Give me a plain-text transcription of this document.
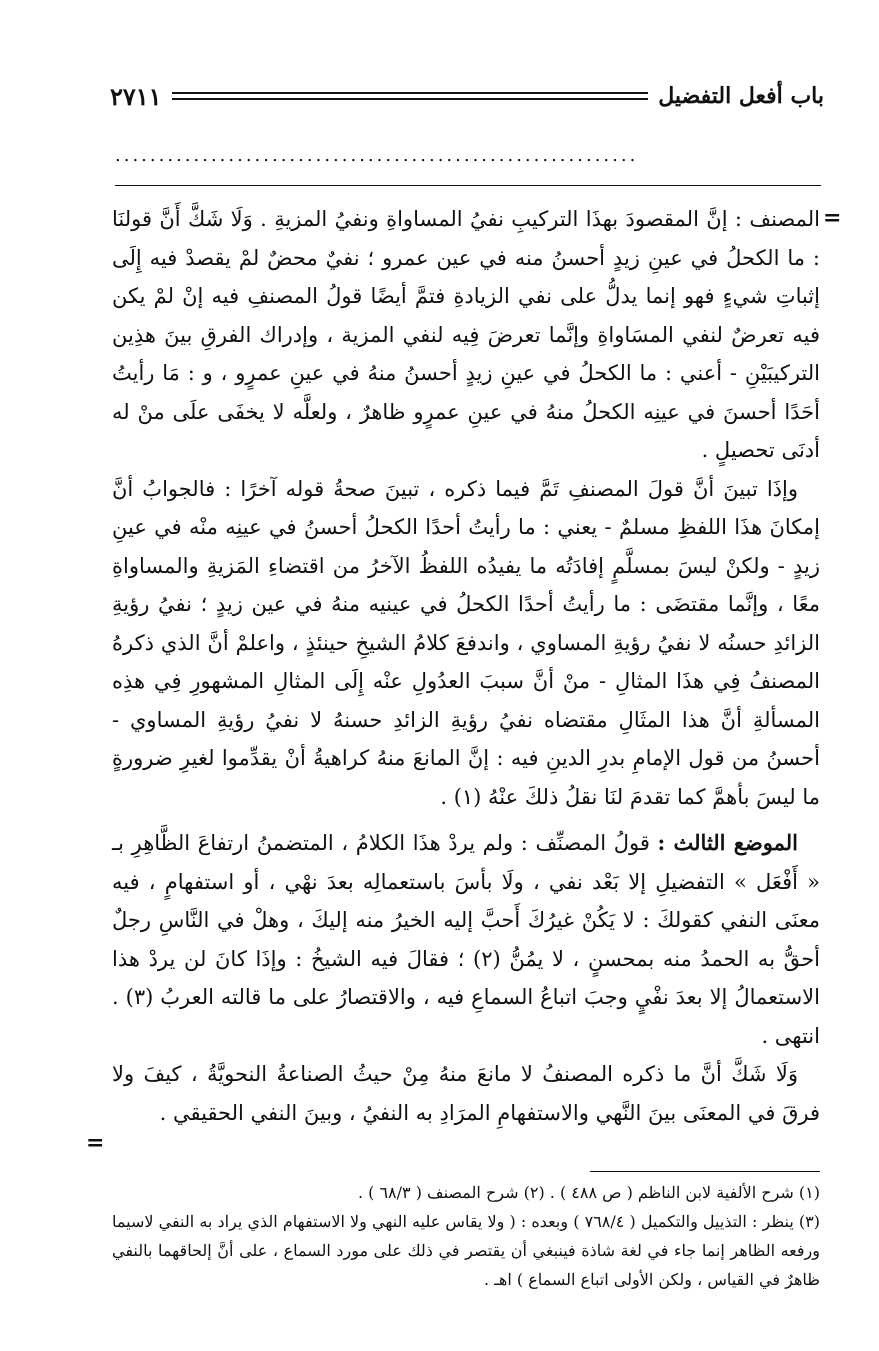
باب أفعل التفضيل
٢٧١١
............................................................
=
=

المصنف : إنَّ المقصودَ بهذَا التركيبِ نفيُ المساواةِ ونفيُ المزيةِ . وَلَا شَكَّ أَنَّ قولنَا : ما الكحلُ في عينِ زيدٍ أحسنُ منه في عين عمرو ؛ نفيٌ محضٌ لمْ يقصدْ فيه إِلَى إثباتِ شيءٍ فهو إنما يدلُّ على نفي الزيادةِ فتمَّ أيضًا قولُ المصنفِ فيه إنْ لمْ يكن فيه تعرضٌ لنفي المسَاواةِ وإنَّما تعرضَ فِيه لنفي المزية ، وإدراك الفرقِ بينَ هذِين التركيبَيْنِ - أعني : ما الكحلُ في عينِ زيدٍ أحسنُ منهُ في عينِ عمرٍو ، و : مَا رأيتُ أحَدًا أحسنَ في عينِه الكحلُ منهُ في عينِ عمرٍو ظاهرٌ ، ولعلَّه لا يخفَى علَى منْ له أدنَى تحصيلٍ .

وإذَا تبينَ أنَّ قولَ المصنفِ تَمَّ فيما ذكره ، تبينَ صحةُ قوله آخرًا : فالجوابُ أنَّ إمكانَ هذَا اللفظِ مسلمٌ - يعني : ما رأيتُ أحدًا الكحلُ أحسنُ في عينِه منْه في عينِ زيدٍ - ولكنْ ليسَ بمسلَّمٍ إفادَتُه ما يفيدُه اللفظُ الآخرُ من اقتضاءِ المَزيةِ والمساواةِ معًا ، وإنَّما مقتضَى : ما رأيتُ أحدًا الكحلُ في عينيه منهُ في عين زيدٍ ؛ نفيُ رؤيةِ الزائدِ حسنُه لا نفيُ رؤيةِ المساوي ، واندفعَ كلامُ الشيخِ حينئذٍ ، واعلمْ أنَّ الذي ذكرهُ المصنفُ فِي هذَا المثالِ - منْ أنَّ سببَ العدُولِ عنْه إِلَى المثالِ المشهورِ فِي هذِه المسألةِ أنَّ هذا المثَالِ مقتضاه نفيُ رؤيةِ الزائدِ حسنهُ لا نفيُ رؤيةِ المساوي - أحسنُ من قول الإمامِ بدرِ الدينِ فيه : إنَّ المانعَ منهُ كراهيةُ أنْ يقدِّموا لغيرِ ضرورةٍ ما ليسَ بأهمَّ كما تقدمَ لنَا نقلُ ذلكَ عنْهُ (١) .

الموضع الثالث : قولُ المصنِّف : ولم يردْ هذَا الكلامُ ، المتضمنُ ارتفاعَ الظَّاهِرِ بـ « أَفْعَل » التفضيلِ إلا بَعْد نفي ، ولَا بأسَ باستعمالِه بعدَ نهْي ، أو استفهامٍ ، فيه معنَى النفي كقولكَ : لا يَكُنْ غيرُكَ أَحبَّ إليه الخيرُ منه إليكَ ، وهلْ في النَّاسِ رجلٌ أحقُّ به الحمدُ منه بمحسنٍ ، لا يمُنُّ (٢) ؛ فقالَ فيه الشيخُ : وإذَا كانَ لن يردْ هذا الاستعمالُ إلا بعدَ نفْيٍ وجبَ اتباعُ السماعِ فيه ، والاقتصارُ على ما قالته العربُ (٣) . انتهى .

وَلَا شَكَّ أنَّ ما ذكره المصنفُ لا مانعَ منهُ مِنْ حيثُ الصناعةُ النحويَّةُ ، كيفَ ولا فرقَ في المعنَى بينَ النَّهي والاستفهامِ المرَادِ به النفيُ ، وبينَ النفي الحقيقي .

(١) شرح الألفية لابن الناظم ( ص ٤٨٨ ) . (٢) شرح المصنف ( ٦٨/٣ ) .

(٣) ينظر : التذييل والتكميل ( ٧٦٨/٤ ) وبعده : ( ولا يقاس عليه النهي ولا الاستفهام الذي يراد به النفي لاسيما ورفعه الظاهر إنما جاء في لغة شاذة فينبغي أن يقتصر في ذلك على مورد السماع ، على أنَّ إلحاقهما بالنفي ظاهرٌ في القياس ، ولكن الأولى اتباع السماع ) اهـ .
